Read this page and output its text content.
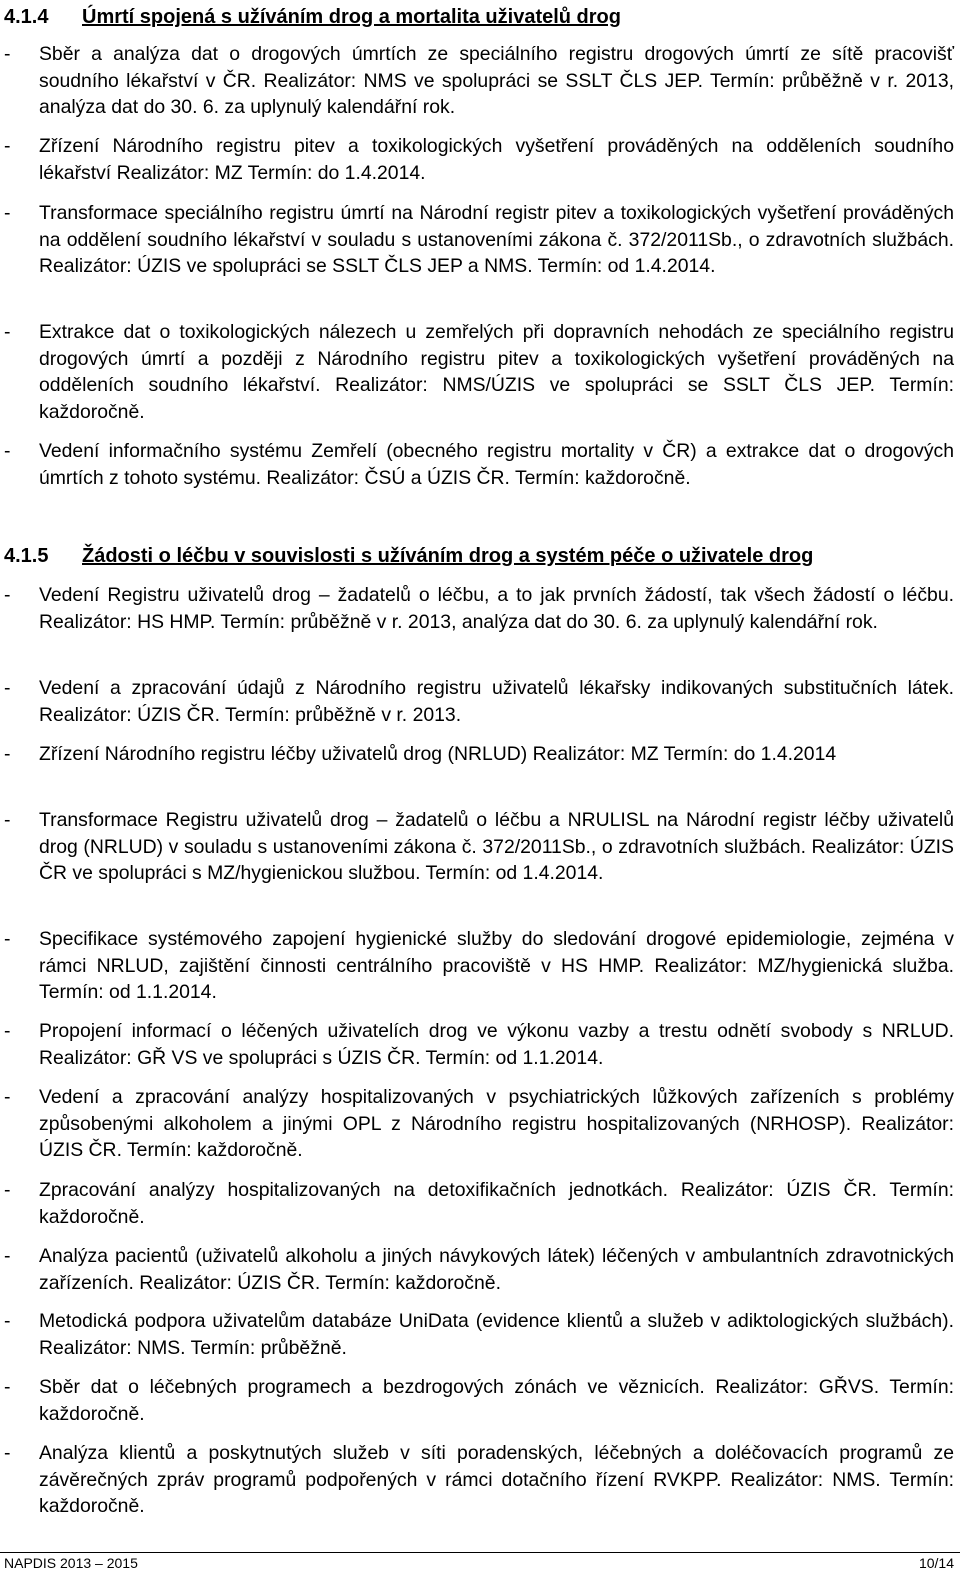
4.1.4 Úmrtí spojená s užíváním drog a mortalita uživatelů drog
- Sběr a analýza dat o drogových úmrtích ze speciálního registru drogových úmrtí ze sítě pracovišť soudního lékařství v ČR. Realizátor: NMS ve spolupráci se SSLT ČLS JEP. Termín: průběžně v r. 2013, analýza dat do 30. 6. za uplynulý kalendářní rok.
- Zřízení Národního registru pitev a toxikologických vyšetření prováděných na odděleních soudního lékařství Realizátor: MZ Termín: do 1.4.2014.
- Transformace speciálního registru úmrtí na Národní registr pitev a toxikologických vyšetření prováděných na oddělení soudního lékařství v souladu s ustanoveními zákona č. 372/2011Sb., o zdravotních službách. Realizátor: ÚZIS ve spolupráci se SSLT ČLS JEP a NMS. Termín: od 1.4.2014.
- Extrakce dat o toxikologických nálezech u zemřelých při dopravních nehodách ze speciálního registru drogových úmrtí a později z Národního registru pitev a toxikologických vyšetření prováděných na odděleních soudního lékařství. Realizátor: NMS/ÚZIS ve spolupráci se SSLT ČLS JEP. Termín: každoročně.
- Vedení informačního systému Zemřelí (obecného registru mortality v ČR) a extrakce dat o drogových úmrtích z tohoto systému. Realizátor: ČSÚ a ÚZIS ČR. Termín: každoročně.
4.1.5 Žádosti o léčbu v souvislosti s užíváním drog a systém péče o uživatele drog
- Vedení Registru uživatelů drog – žadatelů o léčbu, a to jak prvních žádostí, tak všech žádostí o léčbu. Realizátor: HS HMP. Termín: průběžně v r. 2013, analýza dat do 30. 6. za uplynulý kalendářní rok.
- Vedení a zpracování údajů z Národního registru uživatelů lékařsky indikovaných substitučních látek. Realizátor: ÚZIS ČR. Termín: průběžně v r. 2013.
- Zřízení Národního registru léčby uživatelů drog (NRLUD) Realizátor: MZ Termín: do 1.4.2014
- Transformace Registru uživatelů drog – žadatelů o léčbu a NRULISL na Národní registr léčby uživatelů drog (NRLUD) v souladu s ustanoveními zákona č. 372/2011Sb., o zdravotních službách. Realizátor: ÚZIS ČR ve spolupráci s MZ/hygienickou službou. Termín: od 1.4.2014.
- Specifikace systémového zapojení hygienické služby do sledování drogové epidemiologie, zejména v rámci NRLUD, zajištění činnosti centrálního pracoviště v HS HMP. Realizátor: MZ/hygienická služba. Termín: od 1.1.2014.
- Propojení informací o léčených uživatelích drog ve výkonu vazby a trestu odnětí svobody s NRLUD. Realizátor: GŘ VS ve spolupráci s ÚZIS ČR. Termín: od 1.1.2014.
- Vedení a zpracování analýzy hospitalizovaných v psychiatrických lůžkových zařízeních s problémy způsobenými alkoholem a jinými OPL z Národního registru hospitalizovaných (NRHOSP). Realizátor: ÚZIS ČR. Termín: každoročně.
- Zpracování analýzy hospitalizovaných na detoxifikačních jednotkách. Realizátor: ÚZIS ČR. Termín: každoročně.
- Analýza pacientů (uživatelů alkoholu a jiných návykových látek) léčených v ambulantních zdravotnických zařízeních. Realizátor: ÚZIS ČR. Termín: každoročně.
- Metodická podpora uživatelům databáze UniData (evidence klientů a služeb v adiktologických službách). Realizátor: NMS. Termín: průběžně.
- Sběr dat o léčebných programech a bezdrogových zónách ve věznicích. Realizátor: GŘVS. Termín: každoročně.
- Analýza klientů a poskytnutých služeb v síti poradenských, léčebných a doléčovacích programů ze závěrečných zpráv programů podpořených v rámci dotačního řízení RVKPP. Realizátor: NMS. Termín: každoročně.
NAPDIS 2013 – 2015	10/14
